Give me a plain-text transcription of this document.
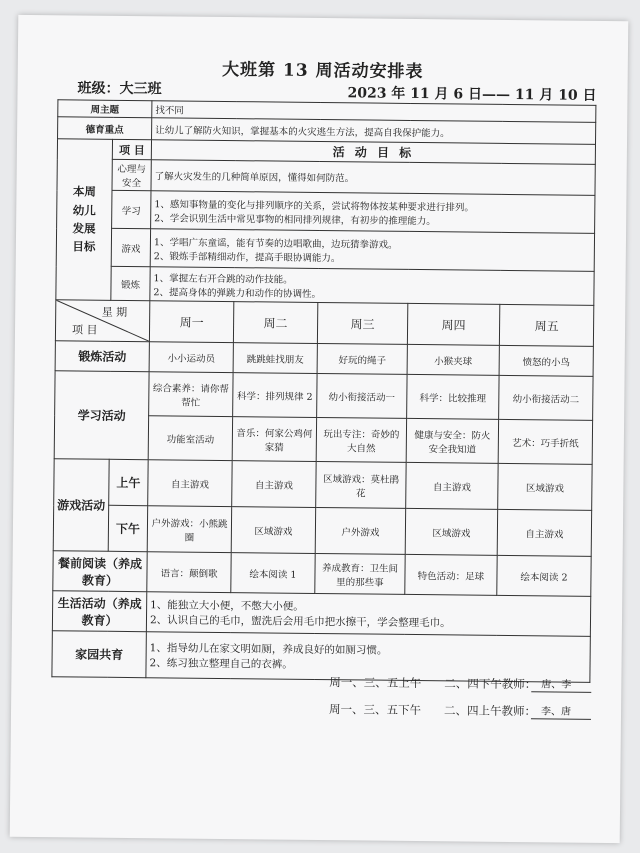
大班第 13 周活动安排表
班级：大三班	2023 年 11 月 6 日—— 11 月 10 日
周主题		找不同				
德育重点		让幼儿了解防火知识，掌握基本的火灾逃生方法，提高自我保护能力。				
本周
幼儿
发展
目标	项 目	活 动 目 标				
	心理与安全	了解火灾发生的几种简单原因，懂得如何防范。				

	学习	1、感知事物量的变化与排列顺序的关系，尝试将物体按某种要求进行排列。
2、学会识别生活中常见事物的相同排列规律，有初步的推理能力。				

	游戏	1、学唱广东童谣，能有节奏的边唱歌曲，边玩猜拳游戏。
2、锻炼手部精细动作，提高手眼协调能力。				

	锻炼	1、掌握左右开合跳的动作技能。
2、提高身体的弹跳力和动作的协调性。				

星 期
项 目		周一	周二	周三	周四	周五
锻炼活动		小小运动员	跳跳蛙找朋友	好玩的绳子	小猴夹球	愤怒的小鸟
学习活动		综合素养：请你帮帮忙	科学：排列规律 2	幼小衔接活动一	科学：比较推理	幼小衔接活动二
		功能室活动	音乐：何家公鸡何家猜	玩出专注：奇妙的大自然	健康与安全：防火安全我知道	艺术：巧手折纸
游戏活动	上午	自主游戏	自主游戏	区域游戏：莫杜鹃花	自主游戏	区域游戏
	下午	户外游戏：小熊跳圈	区域游戏	户外游戏	区域游戏	自主游戏
餐前阅读（养成教育）		语言：颠倒歌	绘本阅读 1	养成教育：卫生间里的那些事	特色活动：足球	绘本阅读 2
生活活动（养成教育）		1、能独立大小便，不憋大小便。
2、认识自己的毛巾，盥洗后会用毛巾把水擦干，学会整理毛巾。				

家园共育		1、指导幼儿在家文明如厕，养成良好的如厕习惯。
2、练习独立整理自己的衣裤。				
周一、三、五上午　　二、四下午教师： 唐、李
周一、三、五下午　　二、四上午教师： 李、唐
